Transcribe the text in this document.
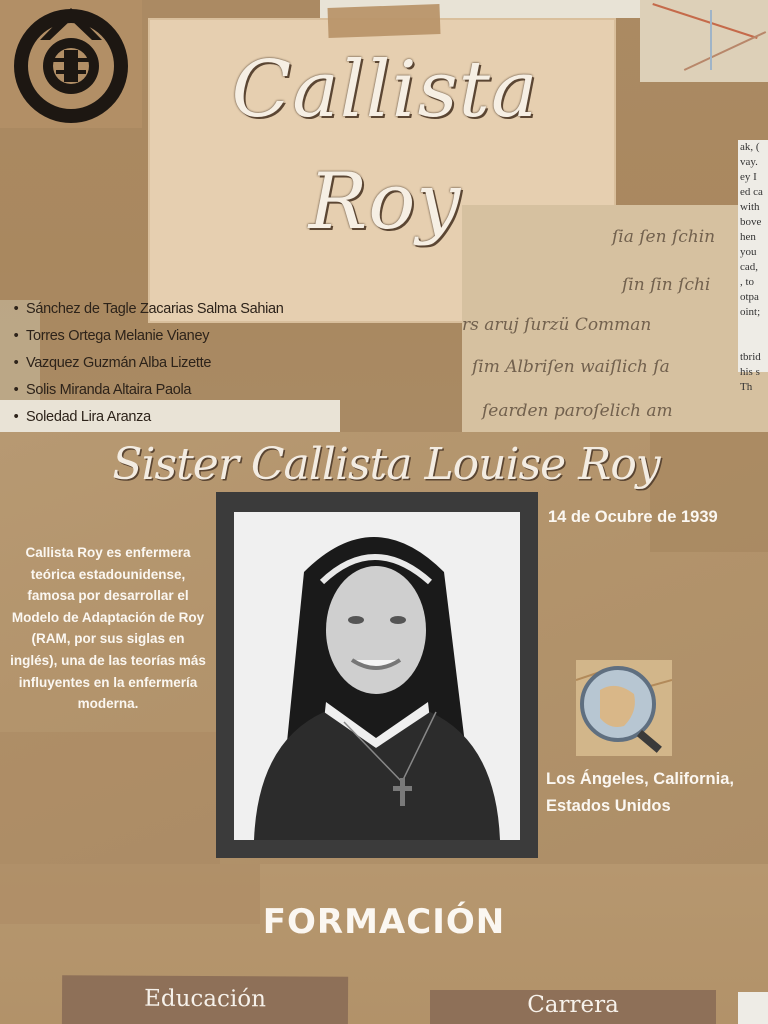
ſia ſen ſchin
ſin ſin ſchi
rs aruj ſurzü Comman
ſim Albriſen waiſlich ſa
ſearden paroſelich am
ak, (
vay.
ey I
ed ca
with
bove
hen
you
cad,
, to
otpa
oint;

tbrid
his s
Th
Callista
Roy
• Sánchez de Tagle Zacarias Salma Sahian
• Torres Ortega Melanie Vianey
• Vazquez Guzmán Alba Lizette
• Solis Miranda Altaira Paola
• Soledad Lira Aranza
Sister Callista Louise Roy
14 de Ocubre de 1939
Callista Roy es enfermera teórica estadounidense, famosa por desarrollar el Modelo de Adaptación de Roy (RAM, por sus siglas en inglés), una de las teorías más influyentes en la enfermería moderna.
Los Ángeles, California, Estados Unidos
FORMACIÓN
Educación	Carrera
